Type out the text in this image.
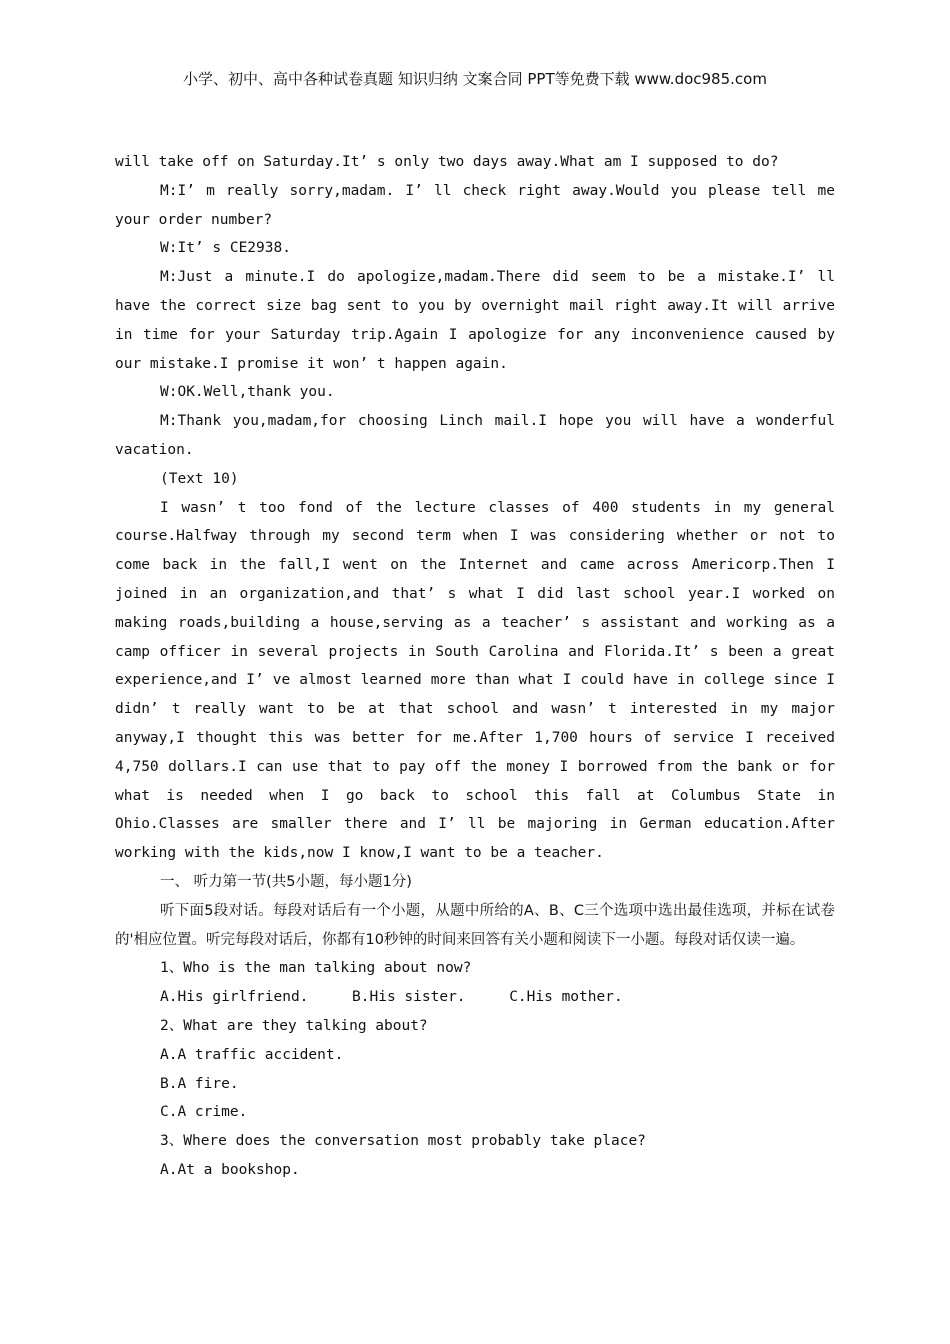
小学、初中、高中各种试卷真题 知识归纳 文案合同 PPT等免费下载 www.doc985.com

will take off on Saturday.It’ s only two days away.What am I supposed to do?

M:I’ m really sorry,madam. I’ ll check right away.Would you please tell me your order number?

W:It’ s CE2938.

M:Just a minute.I do apologize,madam.There did seem to be a mistake.I’ ll have the correct size bag sent to you by overnight mail right away.It will arrive in time for your Saturday trip.Again I apologize for any inconvenience caused by our mistake.I promise it won’ t happen again.

W:OK.Well,thank you.

M:Thank you,madam,for choosing Linch mail.I hope you will have a wonderful vacation.

(Text 10)

I wasn’ t too fond of the lecture classes of 400 students in my general course.Halfway through my second term when I was considering whether or not to come back in the fall,I went on the Internet and came across Americorp.Then I joined in an organization,and that’ s what I did last school year.I worked on making roads,building a house,serving as a teacher’ s assistant and working as a camp officer in several projects in South Carolina and Florida.It’ s been a great experience,and I’ ve almost learned more than what I could have in college since I didn’ t really want to be at that school and wasn’ t interested in my major anyway,I thought this was better for me.After 1,700 hours of service I received 4,750 dollars.I can use that to pay off the money I borrowed from the bank or for what is needed when I go back to school this fall at Columbus State in Ohio.Classes are smaller there and I’ ll be majoring in German education.After working with the kids,now I know,I want to be a teacher.

一、 听力第一节(共5小题，每小题1分)

听下面5段对话。每段对话后有一个小题，从题中所给的A、B、C三个选项中选出最佳选项，并标在试卷的'相应位置。听完每段对话后，你都有10秒钟的时间来回答有关小题和阅读下一小题。每段对话仅读一遍。

1、Who is the man talking about now?

A.His girlfriend.     B.His sister.     C.His mother.

2、What are they talking about?

A.A traffic accident.

B.A fire.

C.A crime.

3、Where does the conversation most probably take place?

A.At a bookshop.
